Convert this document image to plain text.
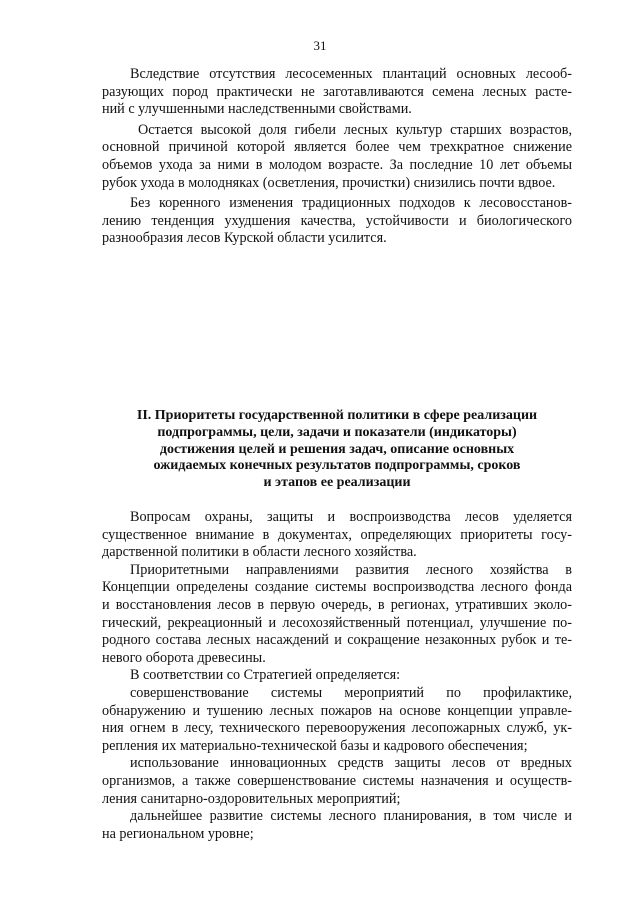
31

Вследствие отсутствия лесосеменных плантаций основных лесооб-
разующих пород практически не заготавливаются семена лесных расте-
ний с улучшенными наследственными свойствами.

Остается высокой доля гибели лесных культур старших возрастов,
основной причиной которой является более чем трехкратное снижение
объемов ухода за ними в молодом возрасте. За последние 10 лет объемы
рубок ухода в молодняках (осветления, прочистки) снизились почти вдвое.

Без коренного изменения традиционных подходов к лесовосстанов-
лению тенденция ухудшения качества, устойчивости и биологического
разнообразия лесов Курской области усилится.

II. Приоритеты государственной политики в сфере реализации
подпрограммы, цели, задачи и показатели (индикаторы)
достижения целей и решения задач, описание основных
ожидаемых конечных результатов подпрограммы, сроков
и этапов ее реализации

Вопросам охраны, защиты и воспроизводства лесов уделяется
существенное внимание в документах, определяющих приоритеты госу-
дарственной политики в области лесного хозяйства.

Приоритетными направлениями развития лесного хозяйства в
Концепции определены создание системы воспроизводства лесного фонда
и восстановления лесов в первую очередь, в регионах, утративших эколо-
гический, рекреационный и лесохозяйственный потенциал, улучшение по-
родного состава лесных насаждений и сокращение незаконных рубок и те-
невого оборота древесины.

В соответствии со Стратегией определяется:

совершенствование системы мероприятий по профилактике,
обнаружению и тушению лесных пожаров на основе концепции управле-
ния огнем в лесу, технического перевооружения лесопожарных служб, ук-
репления их материально-технической базы и кадрового обеспечения;

использование инновационных средств защиты лесов от вредных
организмов, а также совершенствование системы назначения и осуществ-
ления санитарно-оздоровительных мероприятий;

дальнейшее развитие системы лесного планирования, в том числе и
на региональном уровне;
